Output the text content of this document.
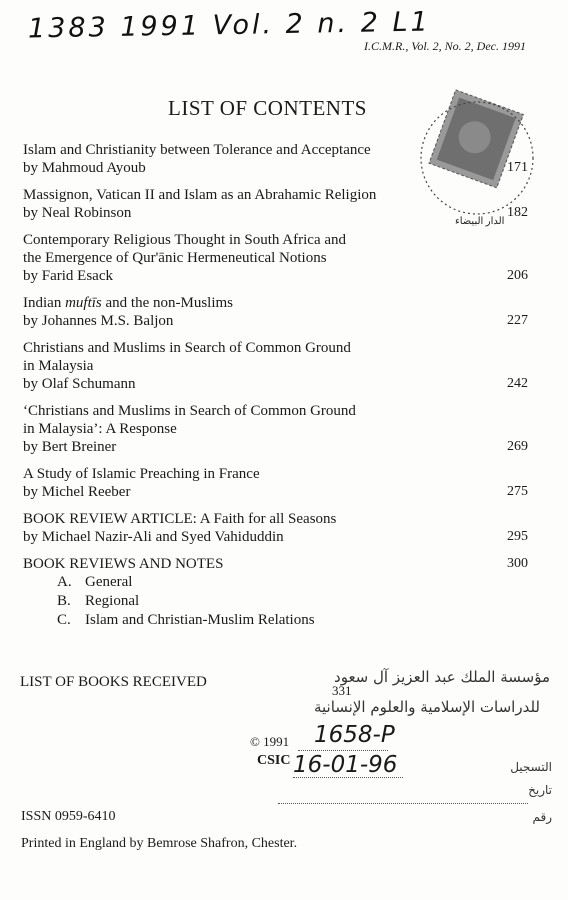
1383 1991 Vol. 2 n. 2 L1
I.C.M.R., Vol. 2, No. 2, Dec. 1991
LIST OF CONTENTS
الدار البيضاء
Islam and Christianity between Tolerance and Acceptance
by Mahmoud Ayoub	171
Massignon, Vatican II and Islam as an Abrahamic Religion
by Neal Robinson	182
Contemporary Religious Thought in South Africa and
the Emergence of Qur'ānic Hermeneutical Notions
by Farid Esack	206
Indian muftīs and the non-Muslims
by Johannes M.S. Baljon	227
Christians and Muslims in Search of Common Ground
in Malaysia
by Olaf Schumann	242
‘Christians and Muslims in Search of Common Ground
in Malaysia’: A Response
by Bert Breiner	269
A Study of Islamic Preaching in France
by Michel Reeber	275
BOOK REVIEW ARTICLE: A Faith for all Seasons
by Michael Nazir-Ali and Syed Vahiduddin	295
BOOK REVIEWS AND NOTES	300
A. General
B. Regional
C. Islam and Christian-Muslim Relations
LIST OF BOOKS RECEIVED
331
مؤسسة الملك عبد العزيز آل سعود
للدراسات الإسلامية والعلوم الإنسانية
التسجيل
تاريخ
رقم
© 1991 1658-P
CSIC 16-01-96
ISSN 0959-6410
Printed in England by Bemrose Shafron, Chester.
